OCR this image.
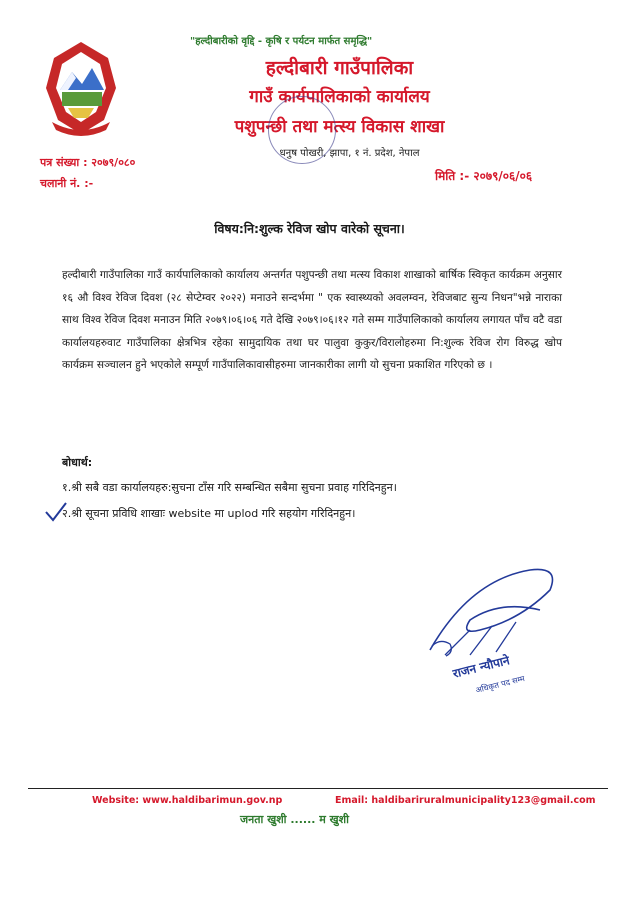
"हल्दीबारीको वृद्दि - कृषि र पर्यटन मार्फत समृद्धि"
हल्दीबारी गाउँपालिका
गाउँ कार्यपालिकाको कार्यालय
पशुपन्छी तथा मत्स्य विकास शाखा
धनुष पोखरी, झापा, १ नं. प्रदेश, नेपाल
पत्र संख्या : २०७९/०८०
चलानी नं. :-
मिति :- २०७९/०६/०६
विषय:नि:शुल्क रेविज खोप वारेको सूचना।
हल्दीबारी गाउँपालिका गाउँ कार्यपालिकाको कार्यालय अन्तर्गत पशुपन्छी तथा मत्स्य विकाश शाखाको बार्षिक स्विकृत कार्यक्रम अनुसार १६ औ विश्व रेविज दिवश (२८ सेप्टेम्वर २०२२) मनाउने सन्दर्भमा " एक स्वास्थ्यको अवलम्वन, रेविजबाट सुन्य निधन"भन्ने नाराका साथ विश्व रेविज दिवश मनाउन मिति २०७९।०६।०६ गते देखि २०७९।०६।१२ गते सम्म गाउँपालिकाको कार्यालय लगायत पाँच वटै वडा कार्यालयहरुवाट गाउँपालिका क्षेत्रभित्र रहेका सामुदायिक तथा घर पालुवा कुकुर/विरालोहरुमा नि:शुल्क रेविज रोग विरुद्ध खोप कार्यक्रम सञ्चालन हुने भएकोले सम्पूर्ण गाउँपालिकावासीहरुमा जानकारीका लागी यो सुचना प्रकाशित गरिएको छ ।
बोधार्थ:
१.श्री सबै वडा कार्यालयहरु:सुचना टाँस गरि सम्बन्धित सबैमा सुचना प्रवाह गरिदिनहुन।
२.श्री सूचना प्रविधि शाखाः website मा uplod गरि सहयोग गरिदिनहुन।
राजन न्यौपाने
अधिकृत पद सम्म
Website: www.haldibarimun.gov.np	Email: haldibariruralmunicipality123@gmail.com
जनता खुशी ...... म खुशी
